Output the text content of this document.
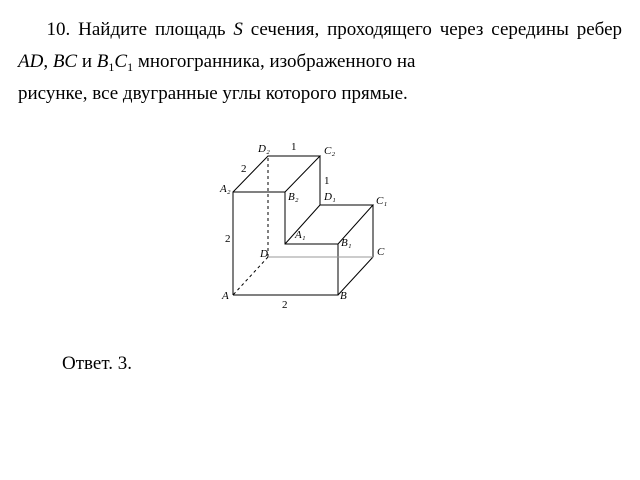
  10. Найдите площадь S сечения, проходящего через середины ребер AD, BC и $B_1C_1$ многогранника, изображенного на
рисунке, все двугранные углы которого прямые.

D₂	C₂
A₂
B₂ D₁	C₁
A₁
B₁
D	C
A	B
1
2
1
2
2

Ответ. 3.
